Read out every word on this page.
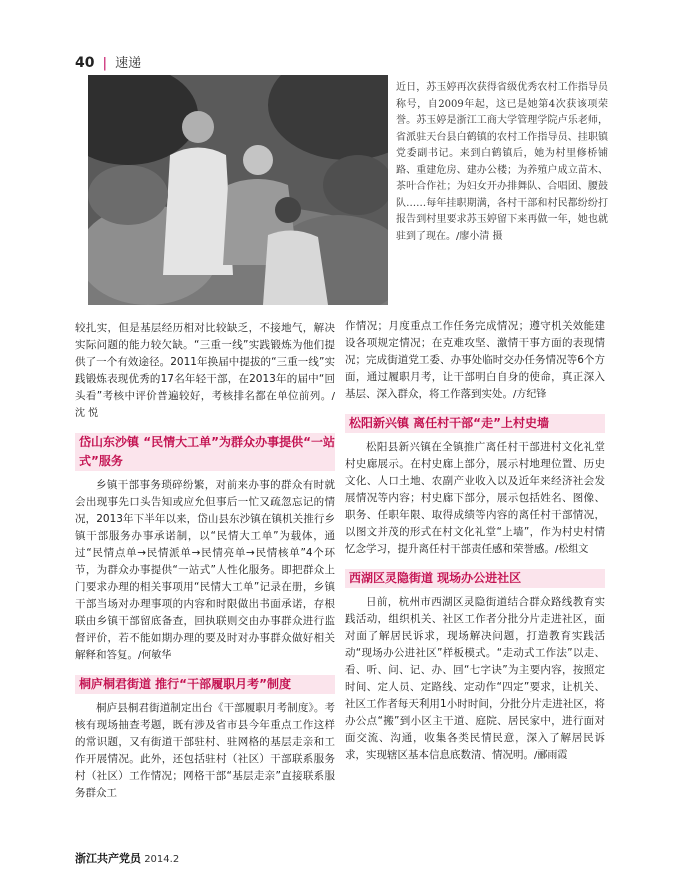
40 | 速递
近日，苏玉婷再次获得省级优秀农村工作指导员称号，自2009年起，这已是她第4次获该项荣誉。苏玉婷是浙江工商大学管理学院卢乐老师，省派驻天台县白鹤镇的农村工作指导员、挂职镇党委副书记。来到白鹤镇后，她为村里修桥铺路、重建危房、建办公楼；为养殖户成立苗木、茶叶合作社；为妇女开办排舞队、合唱团、腰鼓队……每年挂职期满，各村干部和村民都纷纷打报告到村里要求苏玉婷留下来再做一年，她也就驻到了现在。/廖小清 摄

较扎实，但是基层经历相对比较缺乏，不接地气，解决实际问题的能力较欠缺。“三重一线”实践锻炼为他们提供了一个有效途径。2011年换届中提拔的“三重一线”实践锻炼表现优秀的17名年轻干部，在2013年的届中“回头看”考核中评价普遍较好，考核排名都在单位前列。/沈 悦

岱山东沙镇 “民情大工单”为群众办事提供“一站式”服务

乡镇干部事务琐碎纷繁，对前来办事的群众有时就会出现事先口头告知或应允但事后一忙又疏忽忘记的情况，2013年下半年以来，岱山县东沙镇在镇机关推行乡镇干部服务办事承诺制，以“民情大工单”为载体，通过“民情点单→民情派单→民情亮单→民情核单”4个环节，为群众办事提供“一站式”人性化服务。即把群众上门要求办理的相关事项用“民情大工单”记录在册，乡镇干部当场对办理事项的内容和时限做出书面承诺，存根联由乡镇干部留底备查，回执联则交由办事群众进行监督评价，若不能如期办理的要及时对办事群众做好相关解释和答复。/何敏华

桐庐桐君街道 推行“干部履职月考”制度

桐庐县桐君街道制定出台《干部履职月考制度》。考核有现场抽查考题，既有涉及省市县今年重点工作这样的常识题，又有街道干部驻村、驻网格的基层走亲和工作开展情况。此外，还包括驻村（社区）干部联系服务村（社区）工作情况；网格干部“基层走亲”直接联系服务群众工

作情况；月度重点工作任务完成情况；遵守机关效能建设各项规定情况；在克难攻坚、激情干事方面的表现情况；完成街道党工委、办事处临时交办任务情况等6个方面，通过履职月考，让干部明白自身的使命，真正深入基层、深入群众，将工作落到实处。/方纪锋

松阳新兴镇 离任村干部“走”上村史墙

松阳县新兴镇在全镇推广离任村干部进村文化礼堂村史廊展示。在村史廊上部分，展示村地理位置、历史文化、人口土地、农副产业收入以及近年来经济社会发展情况等内容；村史廊下部分，展示包括姓名、图像、职务、任职年限、取得成绩等内容的离任村干部情况，以图文并茂的形式在村文化礼堂“上墙”，作为村史村情忆念学习，提升离任村干部责任感和荣誉感。/松组文

西湖区灵隐街道 现场办公进社区

日前，杭州市西湖区灵隐街道结合群众路线教育实践活动，组织机关、社区工作者分批分片走进社区，面对面了解居民诉求，现场解决问题，打造教育实践活动“现场办公进社区”样板模式。“走动式工作法”以走、看、听、问、记、办、回“七字诀”为主要内容，按照定时间、定人员、定路线、定动作“四定”要求，让机关、社区工作者每天利用1小时时间，分批分片走进社区，将办公点“搬”到小区主干道、庭院、居民家中，进行面对面交流、沟通，收集各类民情民意，深入了解居民诉求，实现辖区基本信息底数清、情况明。/郦雨霞

浙江共产党员 2014.2
